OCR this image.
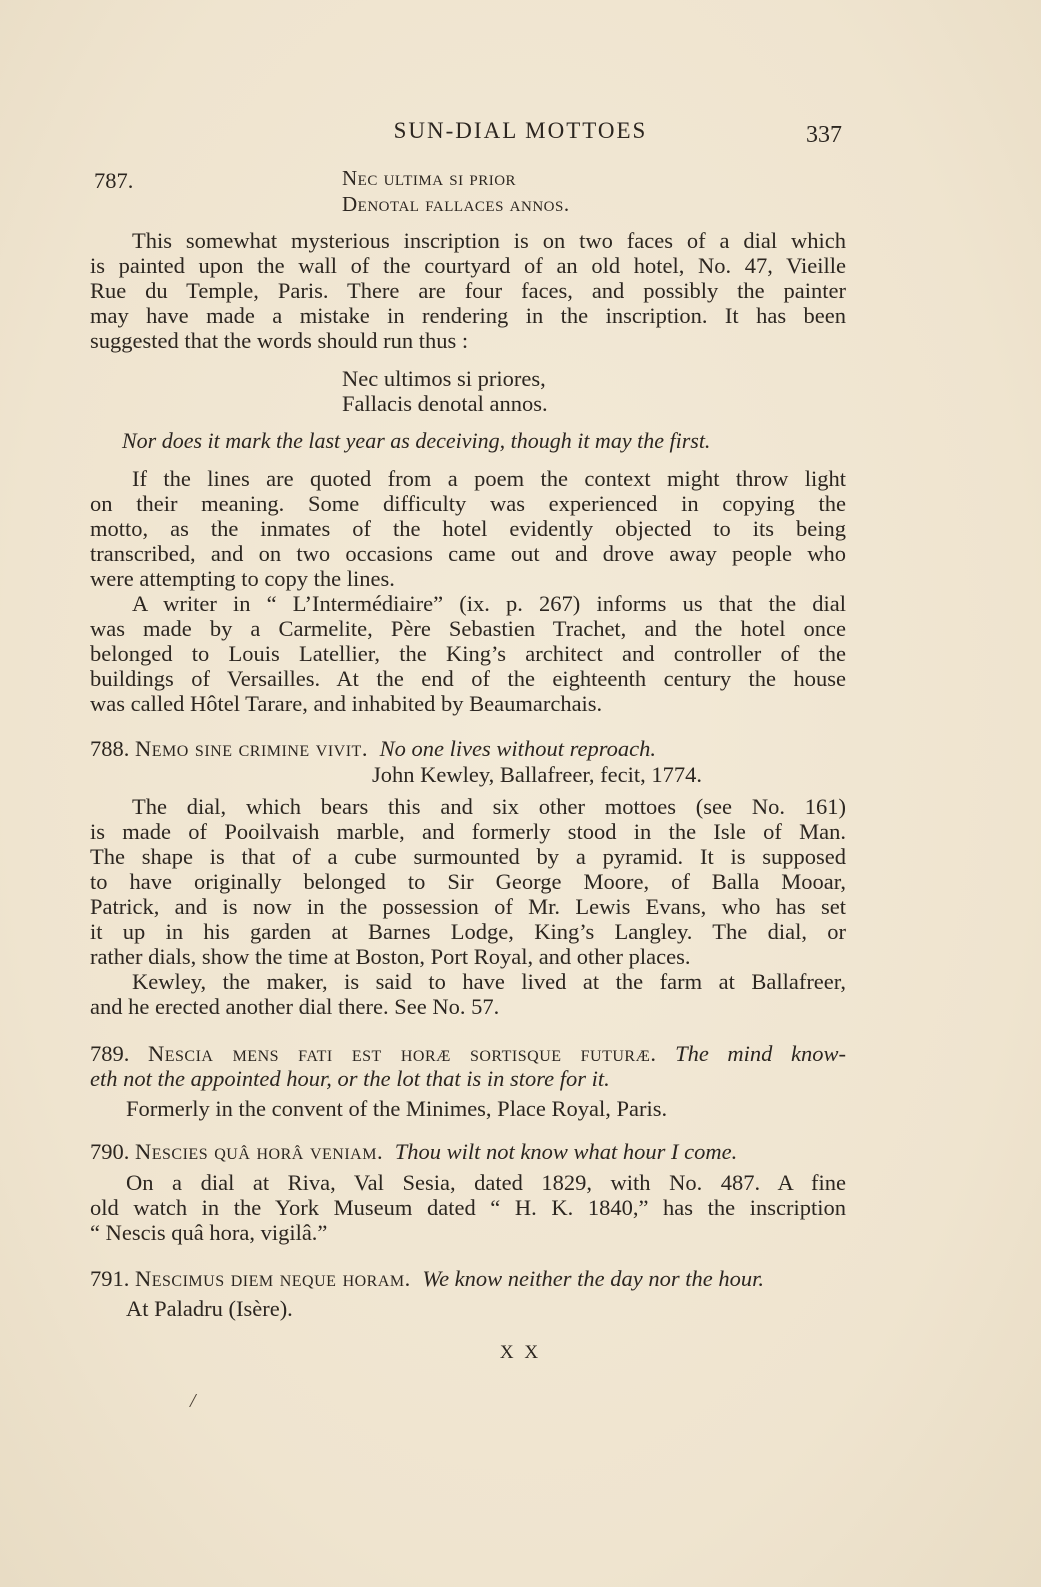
SUN-DIAL MOTTOES	337
787.	Nec ultima si prior
Denotal fallaces annos.
This somewhat mysterious inscription is on two faces of a dial which
is painted upon the wall of the courtyard of an old hotel, No. 47, Vieille
Rue du Temple, Paris. There are four faces, and possibly the painter
may have made a mistake in rendering in the inscription. It has been
suggested that the words should run thus :
Nec ultimos si priores,
Fallacis denotal annos.
Nor does it mark the last year as deceiving, though it may the first.
If the lines are quoted from a poem the context might throw light
on their meaning. Some difficulty was experienced in copying the
motto, as the inmates of the hotel evidently objected to its being
transcribed, and on two occasions came out and drove away people who
were attempting to copy the lines.
A writer in “ L’Intermédiaire” (ix. p. 267) informs us that the dial
was made by a Carmelite, Père Sebastien Trachet, and the hotel once
belonged to Louis Latellier, the King’s architect and controller of the
buildings of Versailles. At the end of the eighteenth century the house
was called Hôtel Tarare, and inhabited by Beaumarchais.
788. Nemo sine crimine vivit. No one lives without reproach.
John Kewley, Ballafreer, fecit, 1774.
The dial, which bears this and six other mottoes (see No. 161)
is made of Pooilvaish marble, and formerly stood in the Isle of Man.
The shape is that of a cube surmounted by a pyramid. It is supposed
to have originally belonged to Sir George Moore, of Balla Mooar,
Patrick, and is now in the possession of Mr. Lewis Evans, who has set
it up in his garden at Barnes Lodge, King’s Langley. The dial, or
rather dials, show the time at Boston, Port Royal, and other places.
Kewley, the maker, is said to have lived at the farm at Ballafreer,
and he erected another dial there. See No. 57.
789. Nescia mens fati est horæ sortisque futuræ. The mind know-
eth not the appointed hour, or the lot that is in store for it.
Formerly in the convent of the Minimes, Place Royal, Paris.
790. Nescies quâ horâ veniam. Thou wilt not know what hour I come.
On a dial at Riva, Val Sesia, dated 1829, with No. 487. A fine
old watch in the York Museum dated “ H. K. 1840,” has the inscription
“ Nescis quâ hora, vigilâ.”
791. Nescimus diem neque horam. We know neither the day nor the hour.
At Paladru (Isère).
X X
/
